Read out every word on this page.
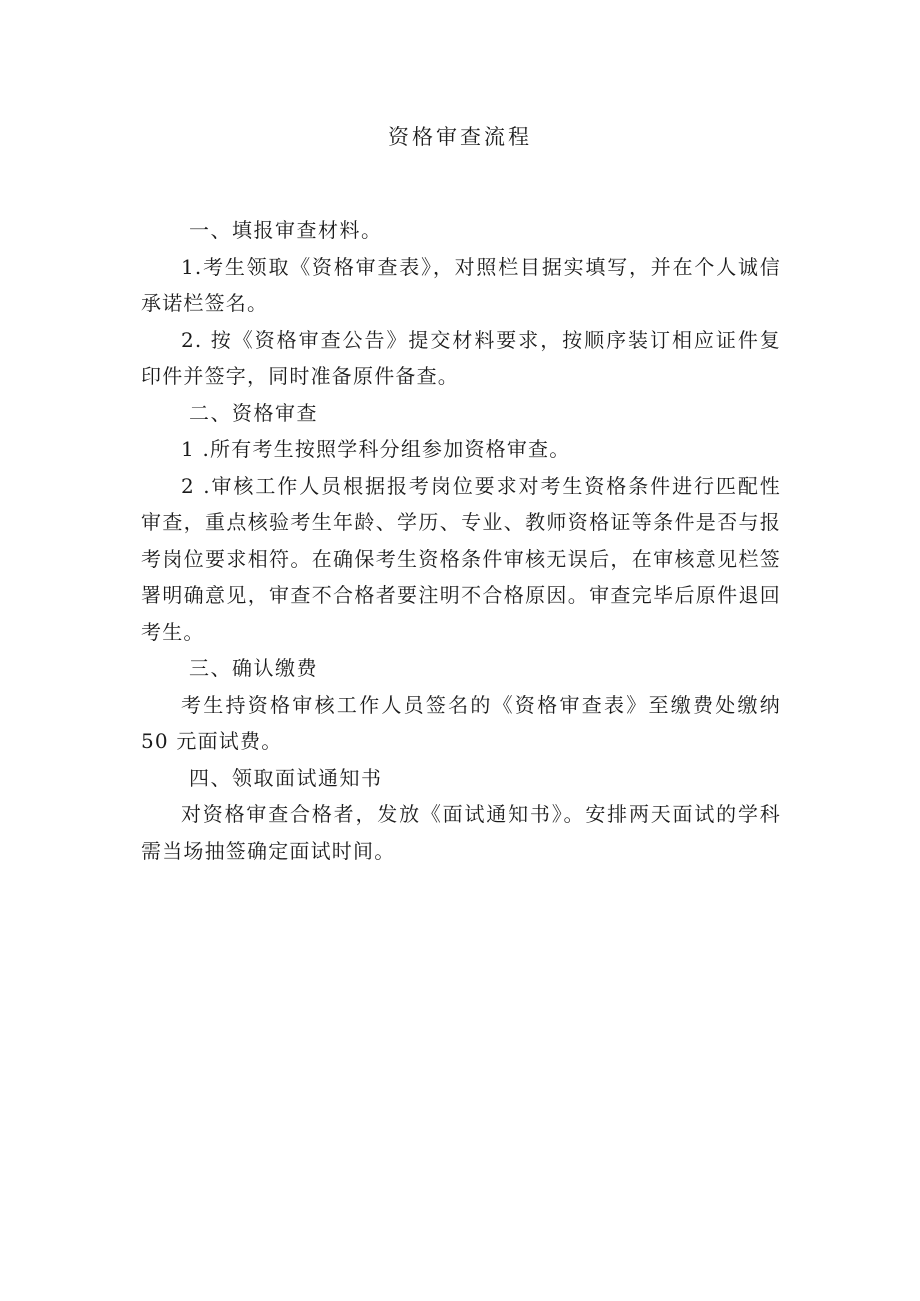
资格审查流程

一、填报审查材料。

1.考生领取《资格审查表》，对照栏目据实填写，并在个人诚信承诺栏签名。

2. 按《资格审查公告》提交材料要求，按顺序装订相应证件复印件并签字，同时准备原件备查。

二、资格审查

1 .所有考生按照学科分组参加资格审查。

2 .审核工作人员根据报考岗位要求对考生资格条件进行匹配性审查，重点核验考生年龄、学历、专业、教师资格证等条件是否与报考岗位要求相符。在确保考生资格条件审核无误后，在审核意见栏签署明确意见，审查不合格者要注明不合格原因。审查完毕后原件退回考生。

三、确认缴费

考生持资格审核工作人员签名的《资格审查表》至缴费处缴纳 50 元面试费。

四、领取面试通知书

对资格审查合格者，发放《面试通知书》。安排两天面试的学科需当场抽签确定面试时间。
